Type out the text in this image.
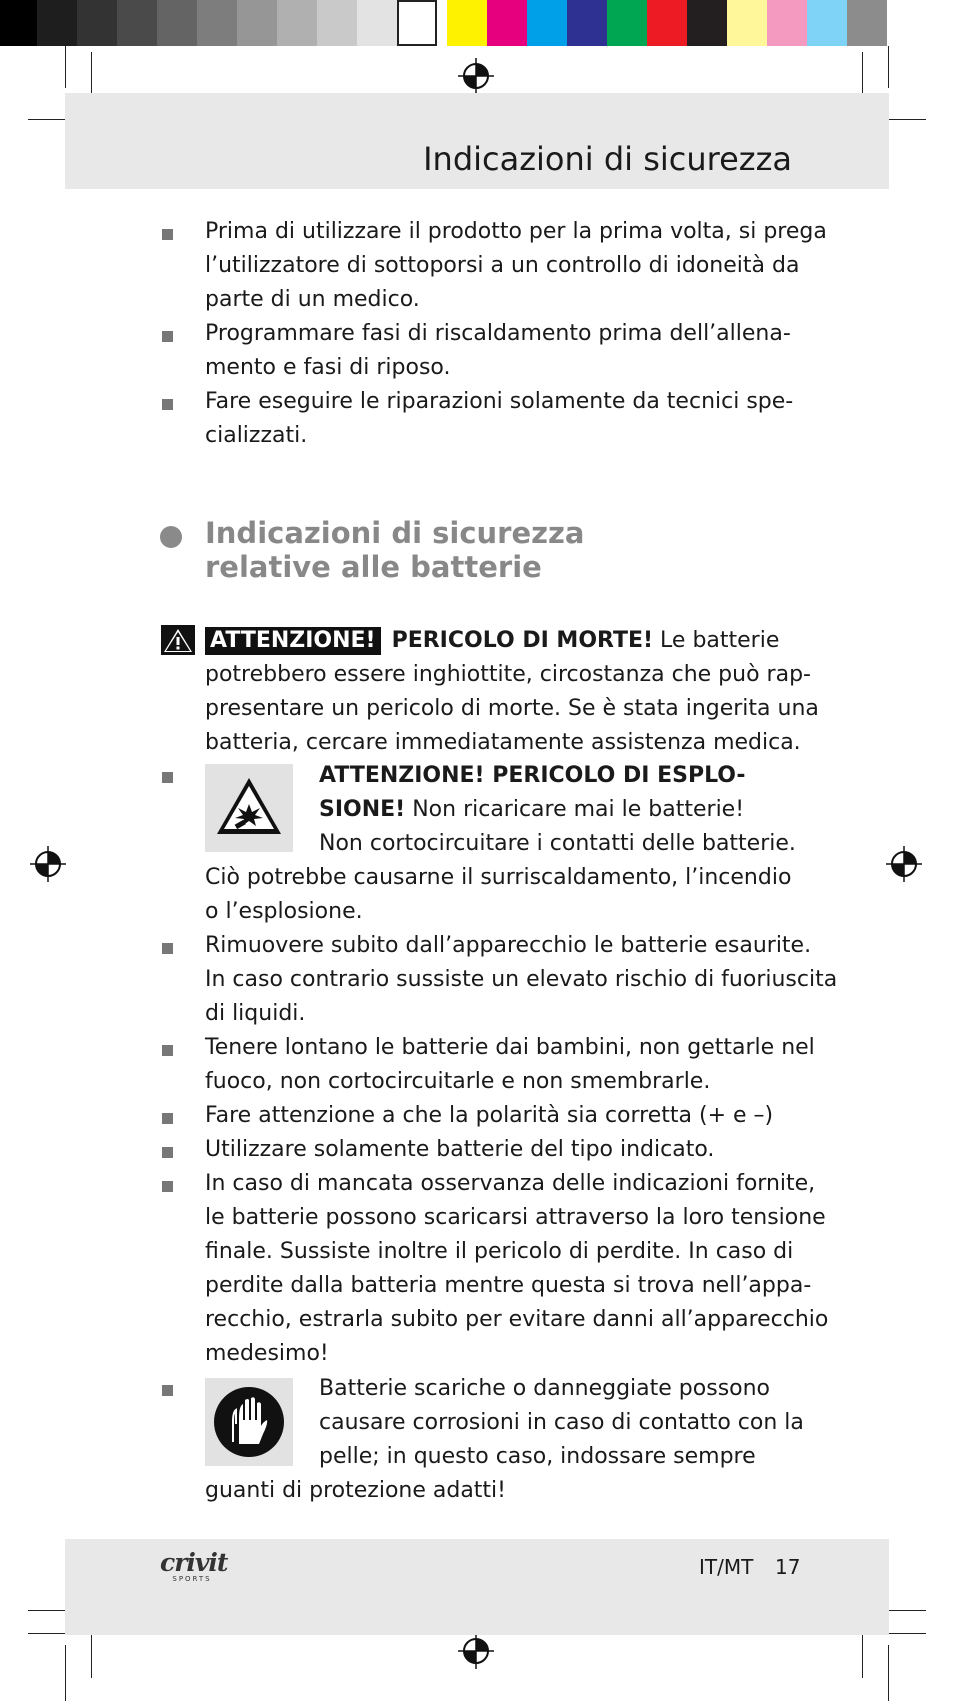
Indicazioni di sicurezza
Prima di utilizzare il prodotto per la prima volta, si prega
l’utilizzatore di sottoporsi a un controllo di idoneità da
parte di un medico.
Programmare fasi di riscaldamento prima dell’allena-
mento e fasi di riposo.
Fare eseguire le riparazioni solamente da tecnici spe-
cializzati.
Indicazioni di sicurezza
relative alle batterie
ATTENZIONE! PERICOLO DI MORTE! Le batterie
potrebbero essere inghiottite, circostanza che può rap-
presentare un pericolo di morte. Se è stata ingerita una
batteria, cercare immediatamente assistenza medica.
ATTENZIONE! PERICOLO DI ESPLO-
SIONE! Non ricaricare mai le batterie!
Non cortocircuitare i contatti delle batterie.
Ciò potrebbe causarne il surriscaldamento, l’incendio
o l’esplosione.
Rimuovere subito dall’apparecchio le batterie esaurite.
In caso contrario sussiste un elevato rischio di fuoriuscita
di liquidi.
Tenere lontano le batterie dai bambini, non gettarle nel
fuoco, non cortocircuitarle e non smembrarle.
Fare attenzione a che la polarità sia corretta (+ e –)
Utilizzare solamente batterie del tipo indicato.
In caso di mancata osservanza delle indicazioni fornite,
le batterie possono scaricarsi attraverso la loro tensione
finale. Sussiste inoltre il pericolo di perdite. In caso di
perdite dalla batteria mentre questa si trova nell’appa-
recchio, estrarla subito per evitare danni all’apparecchio
medesimo!
Batterie scariche o danneggiate possono
causare corrosioni in caso di contatto con la
pelle; in questo caso, indossare sempre
guanti di protezione adatti!
crivit
SPORTS	IT/MT 17
